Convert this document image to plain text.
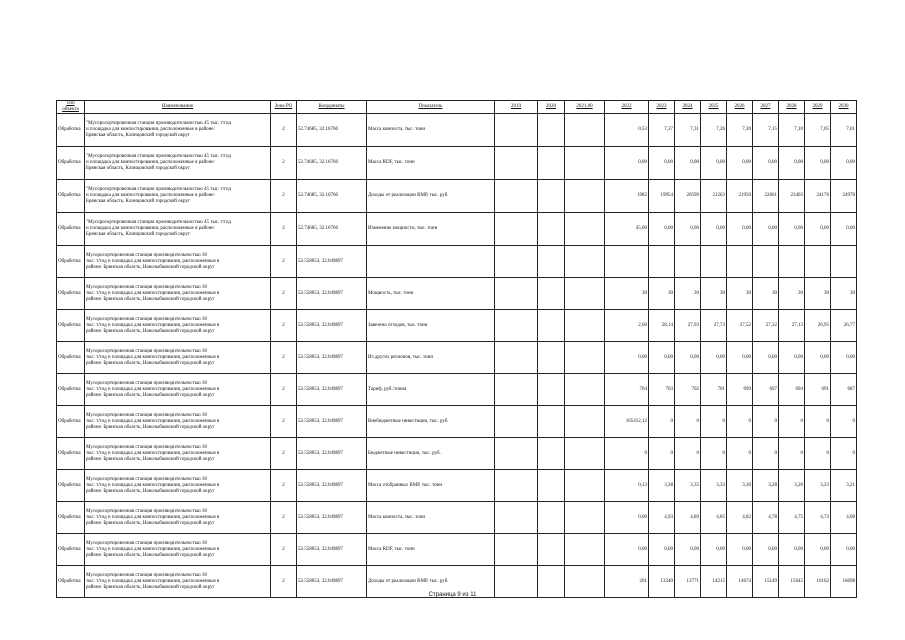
Тип объекта	Наименование	Зона РО	Координаты	Показатель	2019	2020	2021,00	2022	2023	2024	2025	2026	2027	2028	2029	2030
Обработка	"Мусоросортировочная станция производительностью 45 тыс. т/год
и площадка для компостирования, расположенные в районе:
Брянская область, Клинцовский городской округ	2	52.74685, 32.16766	Масса компоста, тыс. тонн				0,53	7,37	7,31	7,26	7,20	7,15	7,10	7,05	7,01
Обработка	"Мусоросортировочная станция производительностью 45 тыс. т/год
и площадка для компостирования, расположенные в районе:
Брянская область, Клинцовский городской округ	2	52.74685, 32.16766	Масса RDF, тыс. тонн				0,00	0,00	0,00	0,00	0,00	0,00	0,00	0,00	0,00
Обработка	"Мусоросортировочная станция производительностью 45 тыс. т/год
и площадка для компостирования, расположенные в районе:
Брянская область, Клинцовский городской округ	2	52.74685, 32.16766	Доходы от реализации ВМР, тыс. руб.				1982	19954	20599	21263	21950	22661	23403	24176	24978
Обработка	"Мусоросортировочная станция производительностью 45 тыс. т/год
и площадка для компостирования, расположенные в районе:
Брянская область, Клинцовский городской округ	2	52.74685, 32.16766	Изменение мощности, тыс. тонн				45,00	0,00	0,00	0,00	0,00	0,00	0,00	0,00	0,00
Обработка	Мусоросортировочная станция производительностью 30
тыс. т/год и площадка для компостирования, расположенные в
районе: Брянская область, Новозыбковский городской округ	2	52.558053, 32.049897													
Обработка	Мусоросортировочная станция производительностью 30
тыс. т/год и площадка для компостирования, расположенные в
районе: Брянская область, Новозыбковский городской округ	2	52.558053, 32.049897	Мощность, тыс. тонн				30	30	30	30	30	30	30	30	30
Обработка	Мусоросортировочная станция производительностью 30
тыс. т/год и площадка для компостирования, расположенные в
районе: Брянская область, Новозыбковский городской округ	2	52.558053, 32.049897	Завезено отходов, тыс. тонн				2,60	28,14	27,93	27,73	27,52	27,32	27,13	26,95	26,77
Обработка	Мусоросортировочная станция производительностью 30
тыс. т/год и площадка для компостирования, расположенные в
районе: Брянская область, Новозыбковский городской округ	2	52.558053, 32.049897	Из других регионов, тыс. тонн				0,00	0,00	0,00	0,00	0,00	0,00	0,00	0,00	0,00
Обработка	Мусоросортировочная станция производительностью 30
тыс. т/год и площадка для компостирования, расположенные в
районе: Брянская область, Новозыбковский городской округ	2	52.558053, 32.049897	Тариф, руб./тонна				704	703	702	701	699	697	694	691	687
Обработка	Мусоросортировочная станция производительностью 30
тыс. т/год и площадка для компостирования, расположенные в
районе: Брянская область, Новозыбковский городской округ	2	52.558053, 32.049897	Внебюджетные инвестиции, тыс. руб.				165412,12	0	0	0	0	0	0	0	0
Обработка	Мусоросортировочная станция производительностью 30
тыс. т/год и площадка для компостирования, расположенные в
районе: Брянская область, Новозыбковский городской округ	2	52.558053, 32.049897	Бюджетные инвестиции, тыс. руб.				0	0	0	0	0	0	0	0	0
Обработка	Мусоросортировочная станция производительностью 30
тыс. т/год и площадка для компостирования, расположенные в
районе: Брянская область, Новозыбковский городской округ	2	52.558053, 32.049897	Масса отобранных ВМР, тыс. тонн				0,13	3,38	3,35	3,33	3,30	3,28	3,26	3,23	3,21
Обработка	Мусоросортировочная станция производительностью 30
тыс. т/год и площадка для компостирования, расположенные в
районе: Брянская область, Новозыбковский городской округ	2	52.558053, 32.049897	Масса компоста, тыс. тонн				0,00	4,93	4,89	4,85	4,82	4,78	4,75	4,72	4,68
Обработка	Мусоросортировочная станция производительностью 30
тыс. т/год и площадка для компостирования, расположенные в
районе: Брянская область, Новозыбковский городской округ	2	52.558053, 32.049897	Масса RDF, тыс. тонн				0,00	0,00	0,00	0,00	0,00	0,00	0,00	0,00	0,00
Обработка	Мусоросортировочная станция производительностью 30
тыс. т/год и площадка для компостирования, расположенные в
районе: Брянская область, Новозыбковский городской округ	2	52.558053, 32.049897	Доходы от реализации ВМР, тыс. руб.				201	13340	13771	14215	14674	15149	15645	16162	16698
Страница 9 из 11
